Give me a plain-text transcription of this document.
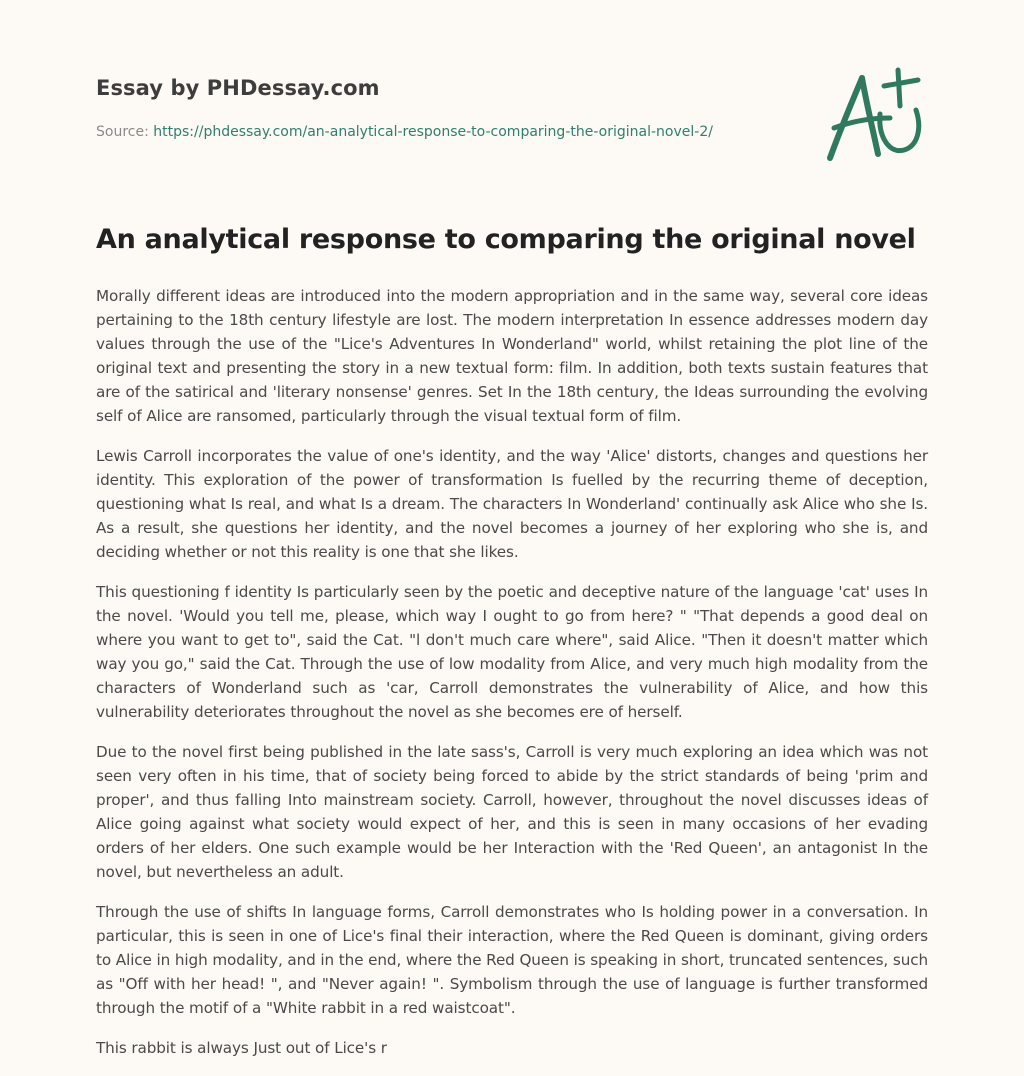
Essay by PHDessay.com

Source: https://phdessay.com/an-analytical-response-to-comparing-the-original-novel-2/
An analytical response to comparing the original novel

Morally different ideas are introduced into the modern appropriation and in the same way, several core ideas pertaining to the 18th century lifestyle are lost. The modern interpretation In essence addresses modern day values through the use of the "Lice's Adventures In Wonderland" world, whilst retaining the plot line of the original text and presenting the story in a new textual form: film. In addition, both texts sustain features that are of the satirical and 'literary nonsense' genres. Set In the 18th century, the Ideas surrounding the evolving self of Alice are ransomed, particularly through the visual textual form of film.

Lewis Carroll incorporates the value of one's identity, and the way 'Alice' distorts, changes and questions her identity. This exploration of the power of transformation Is fuelled by the recurring theme of deception, questioning what Is real, and what Is a dream. The characters In Wonderland' continually ask Alice who she Is. As a result, she questions her identity, and the novel becomes a journey of her exploring who she is, and deciding whether or not this reality is one that she likes.

This questioning f identity Is particularly seen by the poetic and deceptive nature of the language 'cat' uses In the novel. 'Would you tell me, please, which way I ought to go from here? " "That depends a good deal on where you want to get to", said the Cat. "l don't much care where", said Alice. "Then it doesn't matter which way you go," said the Cat. Through the use of low modality from Alice, and very much high modality from the characters of Wonderland such as 'car, Carroll demonstrates the vulnerability of Alice, and how this vulnerability deteriorates throughout the novel as she becomes ere of herself.

Due to the novel first being published in the late sass's, Carroll is very much exploring an idea which was not seen very often in his time, that of society being forced to abide by the strict standards of being 'prim and proper', and thus falling Into mainstream society. Carroll, however, throughout the novel discusses ideas of Alice going against what society would expect of her, and this is seen in many occasions of her evading orders of her elders. One such example would be her Interaction with the 'Red Queen', an antagonist In the novel, but nevertheless an adult.

Through the use of shifts In language forms, Carroll demonstrates who Is holding power in a conversation. In particular, this is seen in one of Lice's final their interaction, where the Red Queen is dominant, giving orders to Alice in high modality, and in the end, where the Red Queen is speaking in short, truncated sentences, such as "Off with her head! ", and "Never again! ". Symbolism through the use of language is further transformed through the motif of a "White rabbit in a red waistcoat".

This rabbit is always Just out of Lice's r
